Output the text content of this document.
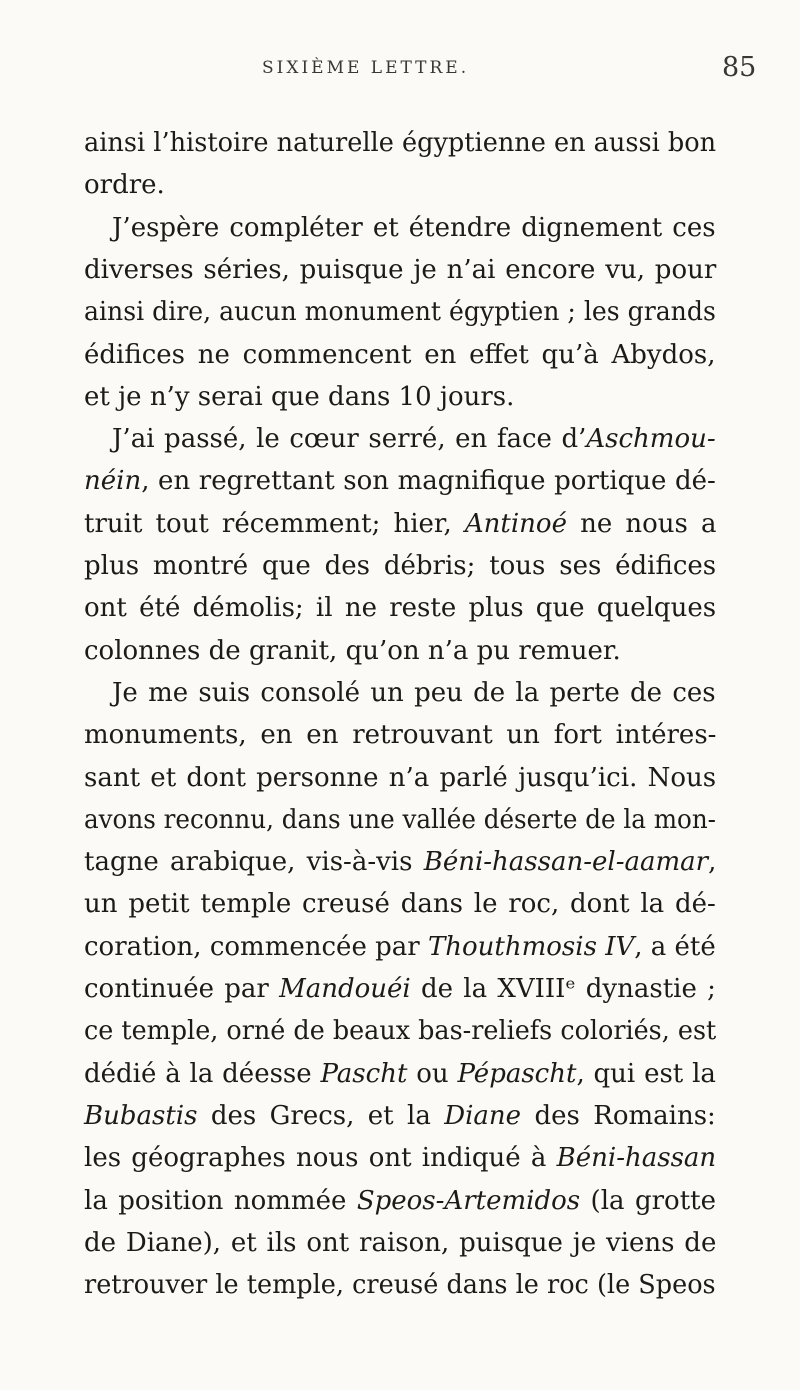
SIXIÈME LETTRE.	85
ainsi l’histoire naturelle égyptienne en aussi bon
ordre.
J’espère compléter et étendre dignement ces
diverses séries, puisque je n’ai encore vu, pour
ainsi dire, aucun monument égyptien ; les grands
édifices ne commencent en effet qu’à Abydos,
et je n’y serai que dans 10 jours.
J’ai passé, le cœur serré, en face d’Aschmou-
néin, en regrettant son magnifique portique dé-
truit tout récemment; hier, Antinoé ne nous a
plus montré que des débris; tous ses édifices
ont été démolis; il ne reste plus que quelques
colonnes de granit, qu’on n’a pu remuer.
Je me suis consolé un peu de la perte de ces
monuments, en en retrouvant un fort intéres-
sant et dont personne n’a parlé jusqu’ici. Nous
avons reconnu, dans une vallée déserte de la mon-
tagne arabique, vis-à-vis Béni-hassan-el-aamar,
un petit temple creusé dans le roc, dont la dé-
coration, commencée par Thouthmosis IV, a été
continuée par Mandouéi de la XVIIIᵉ dynastie ;
ce temple, orné de beaux bas-reliefs coloriés, est
dédié à la déesse Pascht ou Pépascht, qui est la
Bubastis des Grecs, et la Diane des Romains:
les géographes nous ont indiqué à Béni-hassan
la position nommée Speos-Artemidos (la grotte
de Diane), et ils ont raison, puisque je viens de
retrouver le temple, creusé dans le roc (le Speos
